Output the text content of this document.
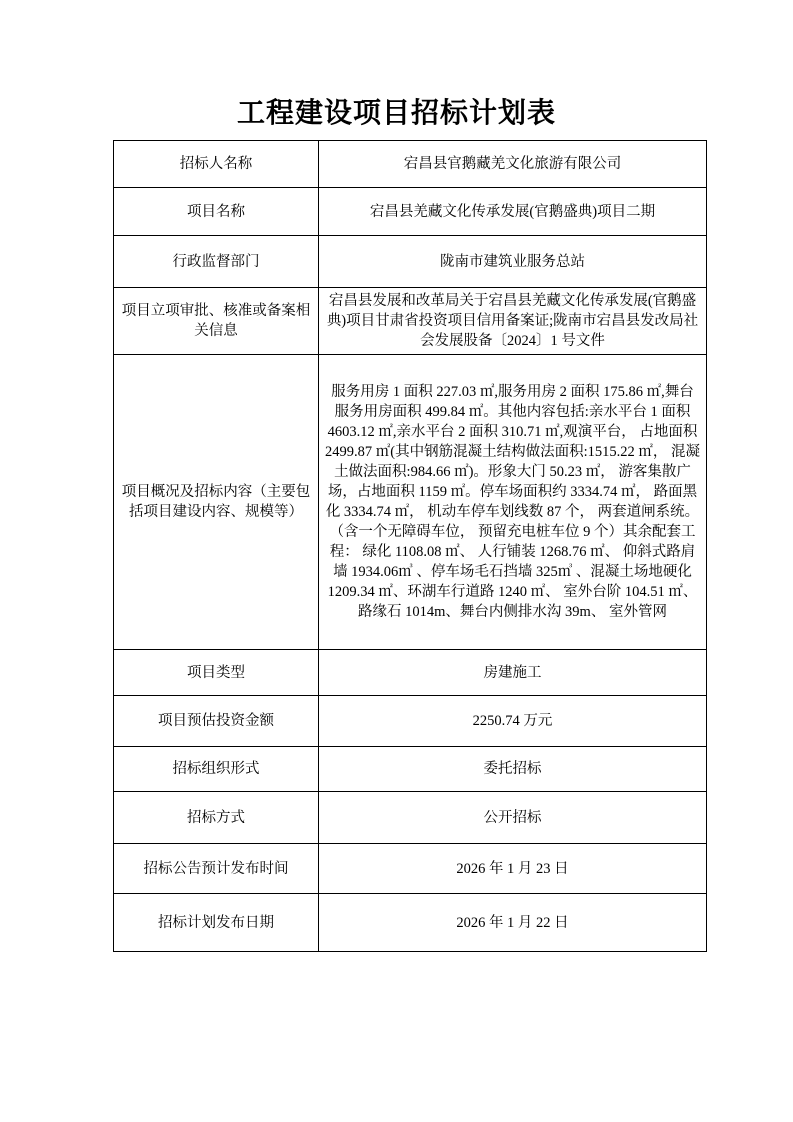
工程建设项目招标计划表
招标人名称	宕昌县官鹅藏羌文化旅游有限公司
项目名称	宕昌县羌藏文化传承发展(官鹅盛典)项目二期
行政监督部门	陇南市建筑业服务总站
项目立项审批、核准或备案相关信息	宕昌县发展和改革局关于宕昌县羌藏文化传承发展(官鹅盛典)项目甘肃省投资项目信用备案证;陇南市宕昌县发改局社会发展股备〔2024〕1 号文件
项目概况及招标内容（主要包括项目建设内容、规模等）	服务用房 1 面积 227.03 ㎡,服务用房 2 面积 175.86 ㎡,舞台服务用房面积 499.84 ㎡。其他内容包括:亲水平台 1 面积 4603.12 ㎡,亲水平台 2 面积 310.71 ㎡,观演平台， 占地面积 2499.87 ㎡(其中钢筋混凝土结构做法面积:1515.22 ㎡， 混凝土做法面积:984.66 ㎡)。形象大门 50.23 ㎡， 游客集散广场，占地面积 1159 ㎡。停车场面积约 3334.74 ㎡， 路面黑化 3334.74 ㎡， 机动车停车划线数 87 个， 两套道闸系统。 （含一个无障碍车位， 预留充电桩车位 9 个）其余配套工程： 绿化 1108.08 ㎡、 人行铺装 1268.76 ㎡、 仰斜式路肩墙 1934.06㎥ 、停车场毛石挡墙 325㎥ 、混凝土场地硬化 1209.34 ㎡、环湖车行道路 1240 ㎡、 室外台阶 104.51 ㎡、 路缘石 1014m、舞台内侧排水沟 39m、 室外管网
项目类型	房建施工
项目预估投资金额	2250.74 万元
招标组织形式	委托招标
招标方式	公开招标
招标公告预计发布时间	2026 年 1 月 23 日
招标计划发布日期	2026 年 1 月 22 日
